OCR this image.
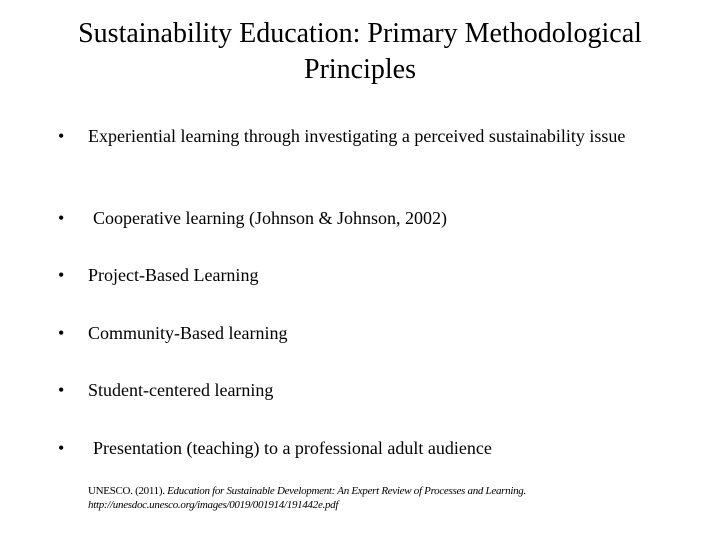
Sustainability Education: Primary Methodological
Principles
• Experiential learning through investigating a perceived sustainability issue
• Cooperative learning (Johnson & Johnson, 2002)
• Project-Based Learning
• Community-Based learning
• Student-centered learning
• Presentation (teaching) to a professional adult audience
UNESCO. (2011). Education for Sustainable Development: An Expert Review of Processes and Learning.
http://unesdoc.unesco.org/images/0019/001914/191442e.pdf
